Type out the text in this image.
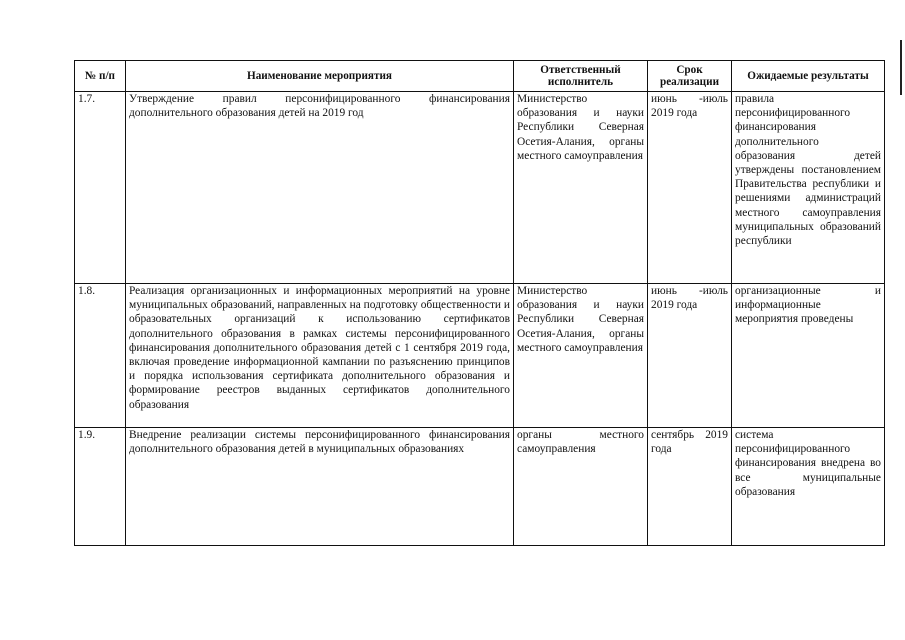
№ п/п	Наименование мероприятия	Ответственный исполнитель	Срок реализации	Ожидаемые результаты
1.7.	Утверждение правил персонифицированного финансирования дополнительного образования детей на 2019 год	Министерство образования и науки Республики Северная Осетия-Алания, органы местного самоуправления	июнь -июль 2019 года	правила персонифицированного финансирования дополнительного образования детей утверждены постановлением Правительства республики и решениями администраций местного самоуправления муниципальных образований республики
1.8.	Реализация организационных и информационных мероприятий на уровне муниципальных образований, направленных на подготовку общественности и образовательных организаций к использованию сертификатов дополнительного образования в рамках системы персонифицированного финансирования дополнительного образования детей с 1 сентября 2019 года, включая проведение информационной кампании по разъяснению принципов и порядка использования сертификата дополнительного образования и формирование реестров выданных сертификатов дополнительного образования	Министерство образования и науки Республики Северная Осетия-Алания, органы местного самоуправления	июнь -июль 2019 года	организационные и информационные мероприятия проведены
1.9.	Внедрение реализации системы персонифицированного финансирования дополнительного образования детей в муниципальных образованиях	органы местного самоуправления	сентябрь 2019 года	система персонифицированного финансирования внедрена во все муниципальные образования
